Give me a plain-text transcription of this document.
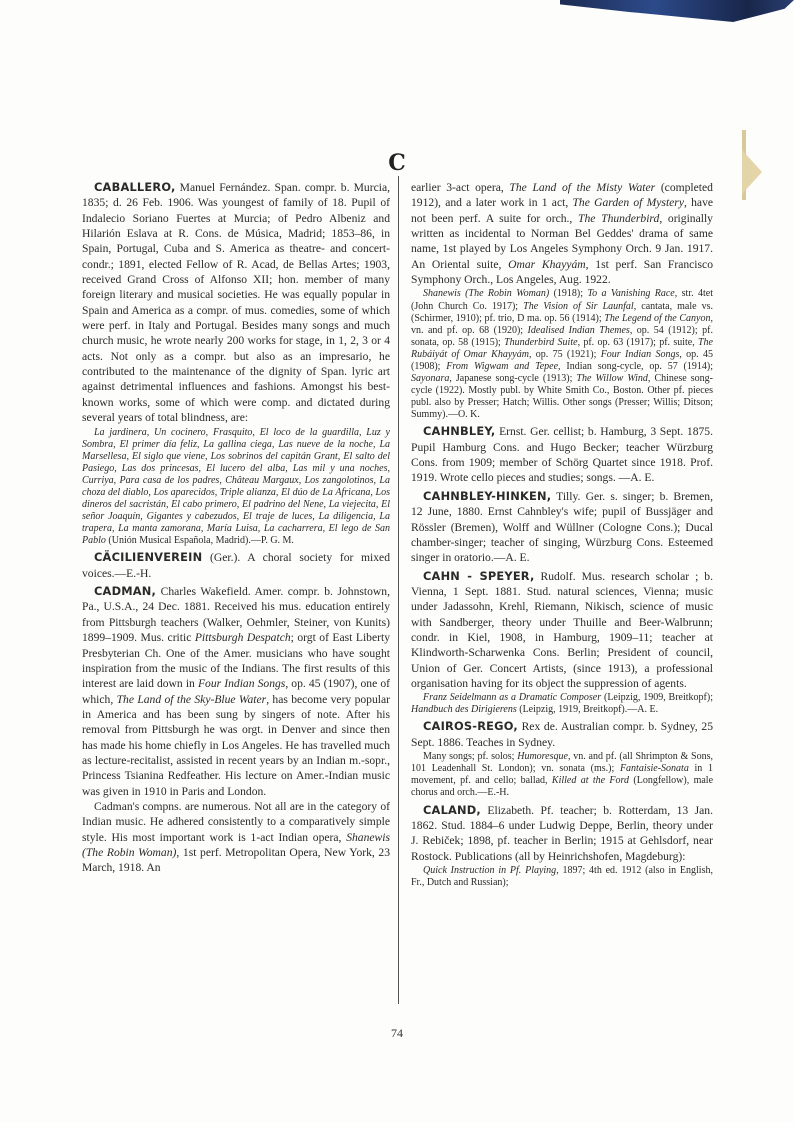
C

CABALLERO, Manuel Fernández. Span. compr. b. Murcia, 1835; d. 26 Feb. 1906. Was youngest of family of 18. Pupil of Indalecio Soriano Fuertes at Murcia; of Pedro Albeniz and Hilarión Eslava at R. Cons. de Música, Madrid; 1853–86, in Spain, Portugal, Cuba and S. America as theatre- and concert-condr.; 1891, elected Fellow of R. Acad, de Bellas Artes; 1903, received Grand Cross of Alfonso XII; hon. member of many foreign literary and musical societies. He was equally popular in Spain and America as a compr. of mus. comedies, some of which were perf. in Italy and Portugal. Besides many songs and much church music, he wrote nearly 200 works for stage, in 1, 2, 3 or 4 acts. Not only as a compr. but also as an impresario, he contributed to the maintenance of the dignity of Span. lyric art against detrimental influences and fashions. Amongst his best-known works, some of which were comp. and dictated during several years of total blindness, are:

La jardinera, Un cocinero, Frasquito, El loco de la guardilla, Luz y Sombra, El primer día feliz, La gallina ciega, Las nueve de la noche, La Marsellesa, El siglo que viene, Los sobrinos del capitán Grant, El salto del Pasiego, Las dos princesas, El lucero del alba, Las mil y una noches, Curriya, Para casa de los padres, Château Margaux, Los zangolotinos, La choza del diablo, Los aparecidos, Triple alianza, El dúo de La Africana, Los dineros del sacristán, El cabo primero, El padrino del Nene, La viejecita, El señor Joaquín, Gigantes y cabezudos, El traje de luces, La diligencia, La trapera, La manta zamorana, María Luisa, La cacharrera, El lego de San Pablo (Unión Musical Española, Madrid).—P. G. M.

CÄCILIENVEREIN (Ger.). A choral society for mixed voices.—E.-H.

CADMAN, Charles Wakefield. Amer. compr. b. Johnstown, Pa., U.S.A., 24 Dec. 1881. Received his mus. education entirely from Pittsburgh teachers (Walker, Oehmler, Steiner, von Kunits) 1899–1909. Mus. critic Pittsburgh Despatch; orgt of East Liberty Presbyterian Ch. One of the Amer. musicians who have sought inspiration from the music of the Indians. The first results of this interest are laid down in Four Indian Songs, op. 45 (1907), one of which, The Land of the Sky-Blue Water, has become very popular in America and has been sung by singers of note. After his removal from Pittsburgh he was orgt. in Denver and since then has made his home chiefly in Los Angeles. He has travelled much as lecture-recitalist, assisted in recent years by an Indian m.-sopr., Princess Tsianina Redfeather. His lecture on Amer.-Indian music was given in 1910 in Paris and London.

Cadman's compns. are numerous. Not all are in the category of Indian music. He adhered consistently to a comparatively simple style. His most important work is 1-act Indian opera, Shanewis (The Robin Woman), 1st perf. Metropolitan Opera, New York, 23 March, 1918. An

earlier 3-act opera, The Land of the Misty Water (completed 1912), and a later work in 1 act, The Garden of Mystery, have not been perf. A suite for orch., The Thunderbird, originally written as incidental to Norman Bel Geddes' drama of same name, 1st played by Los Angeles Symphony Orch. 9 Jan. 1917. An Oriental suite, Omar Khayyám, 1st perf. San Francisco Symphony Orch., Los Angeles, Aug. 1922.

Shanewis (The Robin Woman) (1918); To a Vanishing Race, str. 4tet (John Church Co. 1917); The Vision of Sir Launfal, cantata, male vs. (Schirmer, 1910); pf. trio, D ma. op. 56 (1914); The Legend of the Canyon, vn. and pf. op. 68 (1920); Idealised Indian Themes, op. 54 (1912); pf. sonata, op. 58 (1915); Thunderbird Suite, pf. op. 63 (1917); pf. suite, The Rubáiyát of Omar Khayyám, op. 75 (1921); Four Indian Songs, op. 45 (1908); From Wigwam and Tepee, Indian song-cycle, op. 57 (1914); Sayonara, Japanese song-cycle (1913); The Willow Wind, Chinese song-cycle (1922). Mostly publ. by White Smith Co., Boston. Other pf. pieces publ. also by Presser; Hatch; Willis. Other songs (Presser; Willis; Ditson; Summy).—O. K.

CAHNBLEY, Ernst. Ger. cellist; b. Hamburg, 3 Sept. 1875. Pupil Hamburg Cons. and Hugo Becker; teacher Würzburg Cons. from 1909; member of Schörg Quartet since 1918. Prof. 1919. Wrote cello pieces and studies; songs. —A. E.

CAHNBLEY-HINKEN, Tilly. Ger. s. singer; b. Bremen, 12 June, 1880. Ernst Cahnbley's wife; pupil of Bussjäger and Rössler (Bremen), Wolff and Wüllner (Cologne Cons.); Ducal chamber-singer; teacher of singing, Würzburg Cons. Esteemed singer in oratorio.—A. E.

CAHN - SPEYER, Rudolf. Mus. research scholar ; b. Vienna, 1 Sept. 1881. Stud. natural sciences, Vienna; music under Jadassohn, Krehl, Riemann, Nikisch, science of music with Sandberger, theory under Thuille and Beer-Walbrunn; condr. in Kiel, 1908, in Hamburg, 1909–11; teacher at Klindworth-Scharwenka Cons. Berlin; President of council, Union of Ger. Concert Artists, (since 1913), a professional organisation having for its object the suppression of agents.

Franz Seidelmann as a Dramatic Composer (Leipzig, 1909, Breitkopf); Handbuch des Dirigierens (Leipzig, 1919, Breitkopf).—A. E.

CAIROS-REGO, Rex de. Australian compr. b. Sydney, 25 Sept. 1886. Teaches in Sydney.

Many songs; pf. solos; Humoresque, vn. and pf. (all Shrimpton & Sons, 101 Leadenhall St. London); vn. sonata (ms.); Fantaisie-Sonata in 1 movement, pf. and cello; ballad, Killed at the Ford (Longfellow), male chorus and orch.—E.-H.

CALAND, Elizabeth. Pf. teacher; b. Rotterdam, 13 Jan. 1862. Stud. 1884–6 under Ludwig Deppe, Berlin, theory under J. Rebiček; 1898, pf. teacher in Berlin; 1915 at Gehlsdorf, near Rostock. Publications (all by Heinrichshofen, Magdeburg):

Quick Instruction in Pf. Playing, 1897; 4th ed. 1912 (also in English, Fr., Dutch and Russian);

74
